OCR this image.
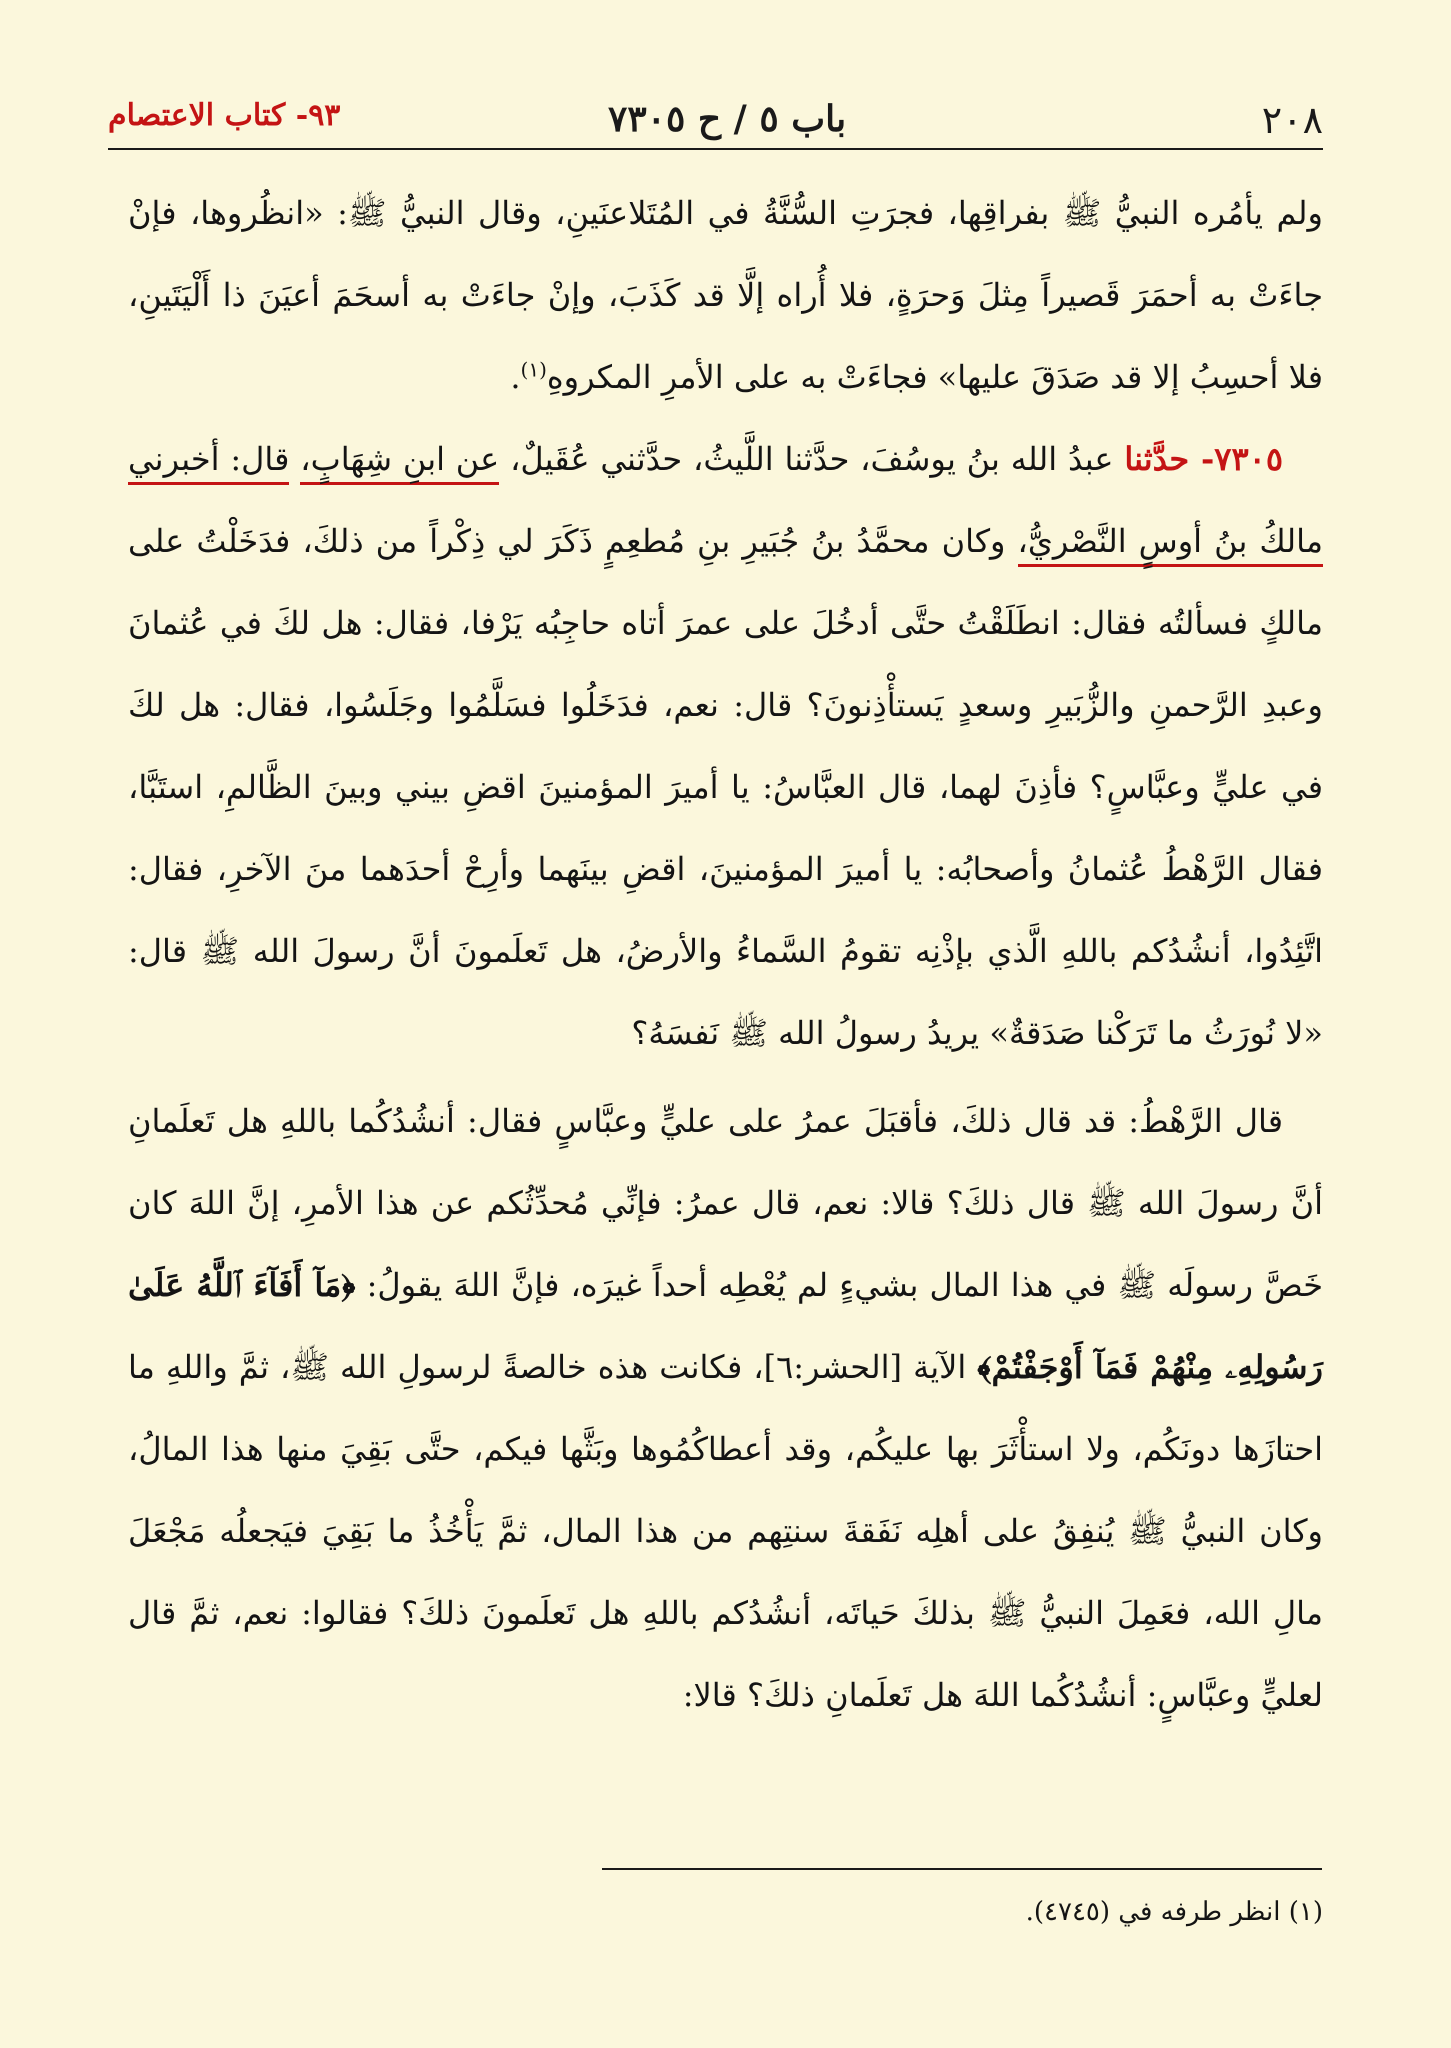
٢٠٨
باب ٥ / ح ٧٣٠٥
٩٣- كتاب الاعتصام

ولم يأمُره النبيُّ ﷺ بفراقِها، فجرَتِ السُّنَّةُ في المُتَلاعنَينِ، وقال النبيُّ ﷺ: «انظُروها، فإنْ جاءَتْ به أحمَرَ قَصيراً مِثلَ وَحرَةٍ، فلا أُراه إلَّا قد كَذَبَ، وإنْ جاءَتْ به أسحَمَ أعيَنَ ذا أَلْيَتَينِ، فلا أحسِبُ إلا قد صَدَقَ عليها» فجاءَتْ به على الأمرِ المكروهِ$^{(١)}$.

٧٣٠٥- حدَّثنا عبدُ الله بنُ يوسُفَ، حدَّثنا اللَّيثُ، حدَّثني عُقَيلٌ، عن ابنِ شِهَابٍ، قال: أخبرني مالكُ بنُ أوسٍ النَّصْريُّ، وكان محمَّدُ بنُ جُبَيرِ بنِ مُطعِمٍ ذَكَرَ لي ذِكْراً من ذلكَ، فدَخَلْتُ على مالكٍ فسألتُه فقال: انطَلَقْتُ حتَّى أدخُلَ على عمرَ أتاه حاجِبُه يَرْفا، فقال: هل لكَ في عُثمانَ وعبدِ الرَّحمنِ والزُّبَيرِ وسعدٍ يَستأْذِنونَ؟ قال: نعم، فدَخَلُوا فسَلَّمُوا وجَلَسُوا، فقال: هل لكَ في عليٍّ وعبَّاسٍ؟ فأذِنَ لهما، قال العبَّاسُ: يا أميرَ المؤمنينَ اقضِ بيني وبينَ الظَّالمِ، استَبَّا، فقال الرَّهْطُ عُثمانُ وأصحابُه: يا أميرَ المؤمنينَ، اقضِ بينَهما وأرِحْ أحدَهما منَ الآخرِ، فقال: اتَّئِدُوا، أنشُدُكم باللهِ الَّذي بإذْنِه تقومُ السَّماءُ والأرضُ، هل تَعلَمونَ أنَّ رسولَ الله ﷺ قال: «لا نُورَثُ ما تَرَكْنا صَدَقةٌ» يريدُ رسولُ الله ﷺ نَفسَهُ؟

قال الرَّهْطُ: قد قال ذلكَ، فأقبَلَ عمرُ على عليٍّ وعبَّاسٍ فقال: أنشُدُكُما باللهِ هل تَعلَمانِ أنَّ رسولَ الله ﷺ قال ذلكَ؟ قالا: نعم، قال عمرُ: فإنِّي مُحدِّثُكم عن هذا الأمرِ، إنَّ اللهَ كان خَصَّ رسولَه ﷺ في هذا المال بشيءٍ لم يُعْطِه أحداً غيرَه، فإنَّ اللهَ يقولُ: ﴿مَآ أَفَآءَ ٱللَّهُ عَلَىٰ رَسُولِهِۦ مِنْهُمْ فَمَآ أَوْجَفْتُمْ﴾ الآية [الحشر:٦]، فكانت هذه خالصةً لرسولِ الله ﷺ، ثمَّ واللهِ ما احتازَها دونَكُم، ولا استأْثَرَ بها عليكُم، وقد أعطاكُمُوها وبَثَّها فيكم، حتَّى بَقِيَ منها هذا المالُ، وكان النبيُّ ﷺ يُنفِقُ على أهلِه نَفَقةَ سنتِهم من هذا المال، ثمَّ يَأْخُذُ ما بَقِيَ فيَجعلُه مَجْعَلَ مالِ الله، فعَمِلَ النبيُّ ﷺ بذلكَ حَياتَه، أنشُدُكم باللهِ هل تَعلَمونَ ذلكَ؟ فقالوا: نعم، ثمَّ قال لعليٍّ وعبَّاسٍ: أنشُدُكُما اللهَ هل تَعلَمانِ ذلكَ؟ قالا:

(١) انظر طرفه في (٤٧٤٥).
